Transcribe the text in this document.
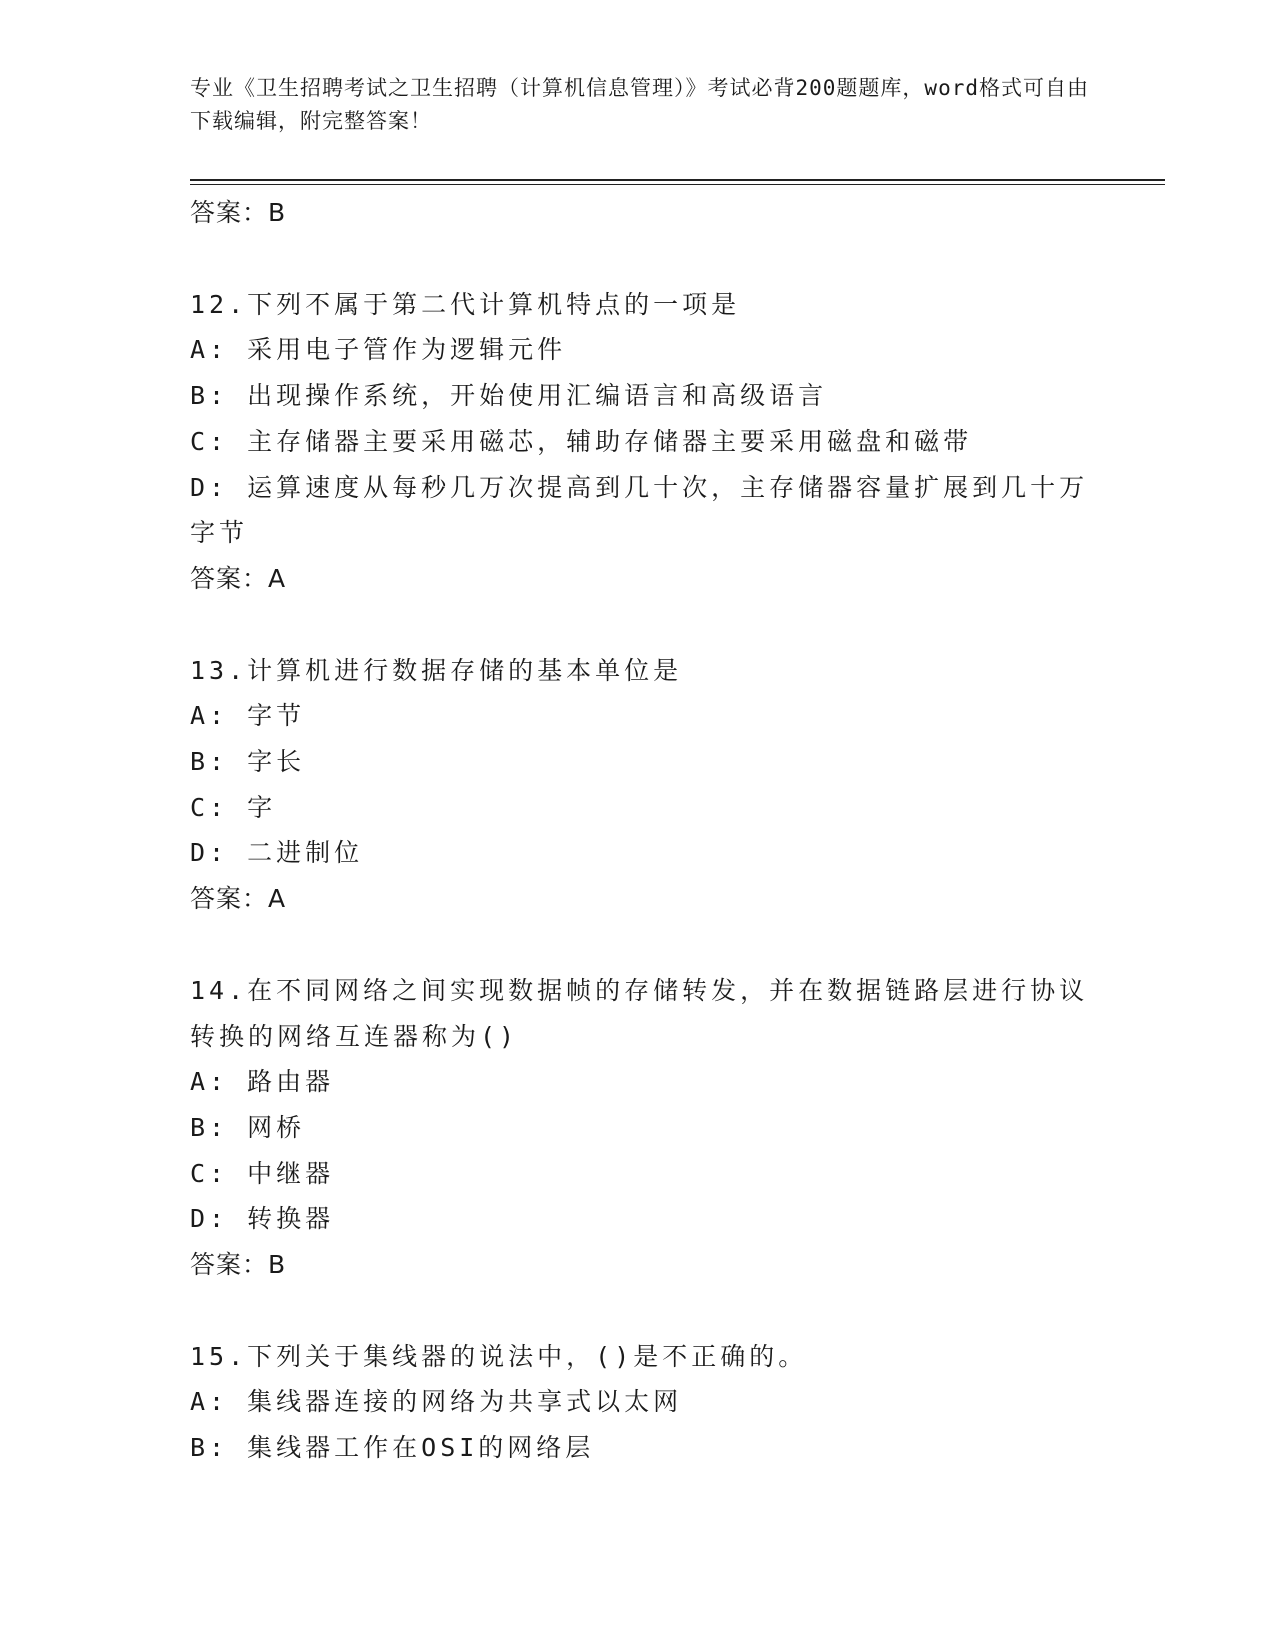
专业《卫生招聘考试之卫生招聘（计算机信息管理）》考试必背200题题库，word格式可自由下载编辑，附完整答案！
答案：B
12.下列不属于第二代计算机特点的一项是
A: 采用电子管作为逻辑元件
B: 出现操作系统，开始使用汇编语言和高级语言
C: 主存储器主要采用磁芯，辅助存储器主要采用磁盘和磁带
D: 运算速度从每秒几万次提高到几十次，主存储器容量扩展到几十万字节
答案：A
13.计算机进行数据存储的基本单位是
A: 字节
B: 字长
C: 字
D: 二进制位
答案：A
14.在不同网络之间实现数据帧的存储转发，并在数据链路层进行协议转换的网络互连器称为()
A: 路由器
B: 网桥
C: 中继器
D: 转换器
答案：B
15.下列关于集线器的说法中，()是不正确的。
A: 集线器连接的网络为共享式以太网
B: 集线器工作在OSI的网络层
